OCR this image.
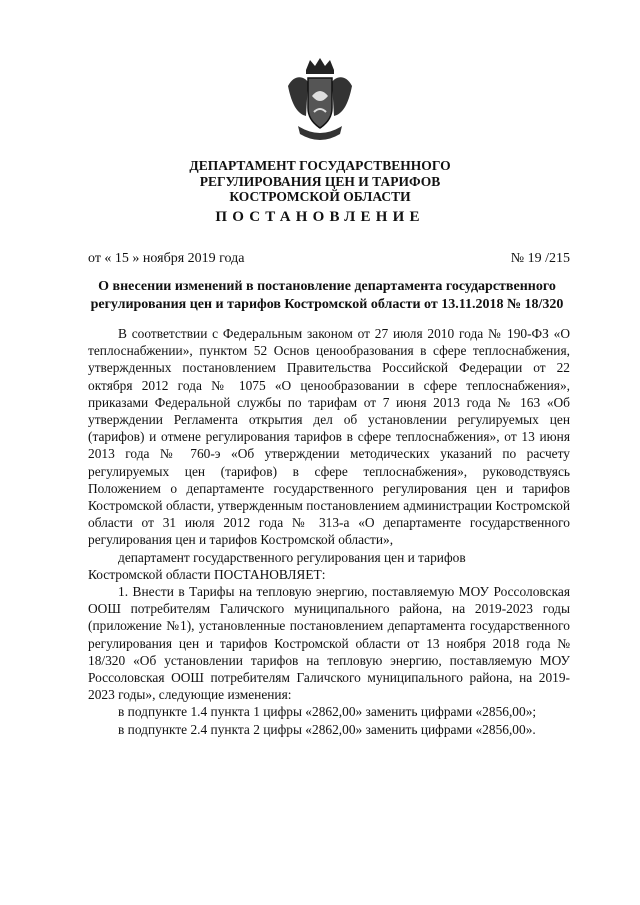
ДЕПАРТАМЕНТ ГОСУДАРСТВЕННОГО
РЕГУЛИРОВАНИЯ ЦЕН И ТАРИФОВ
КОСТРОМСКОЙ ОБЛАСТИ
ПОСТАНОВЛЕНИЕ
от « 15 » ноября 2019 года	№ 19 /215
О внесении изменений в постановление департамента государственного регулирования цен и тарифов Костромской области от 13.11.2018 № 18/320

В соответствии с Федеральным законом от 27 июля 2010 года № 190-ФЗ «О теплоснабжении», пунктом 52 Основ ценообразования в сфере теплоснабжения, утвержденных постановлением Правительства Российской Федерации от 22 октября 2012 года № 1075 «О ценообразовании в сфере теплоснабжения», приказами Федеральной службы по тарифам от 7 июня 2013 года № 163 «Об утверждении Регламента открытия дел об установлении регулируемых цен (тарифов) и отмене регулирования тарифов в сфере теплоснабжения», от 13 июня 2013 года № 760-э «Об утверждении методических указаний по расчету регулируемых цен (тарифов) в сфере теплоснабжения», руководствуясь Положением о департаменте государственного регулирования цен и тарифов Костромской области, утвержденным постановлением администрации Костромской области от 31 июля 2012 года № 313-а «О департаменте государственного регулирования цен и тарифов Костромской области»,

департамент государственного регулирования цен и тарифов

Костромской области ПОСТАНОВЛЯЕТ:

1. Внести в Тарифы на тепловую энергию, поставляемую МОУ Россоловская ООШ потребителям Галичского муниципального района, на 2019-2023 годы (приложение №1), установленные постановлением департамента государственного регулирования цен и тарифов Костромской области от 13 ноября 2018 года № 18/320 «Об установлении тарифов на тепловую энергию, поставляемую МОУ Россоловская ООШ потребителям Галичского муниципального района, на 2019-2023 годы», следующие изменения:

в подпункте 1.4 пункта 1 цифры «2862,00» заменить цифрами «2856,00»;

в подпункте 2.4 пункта 2 цифры «2862,00» заменить цифрами «2856,00».
